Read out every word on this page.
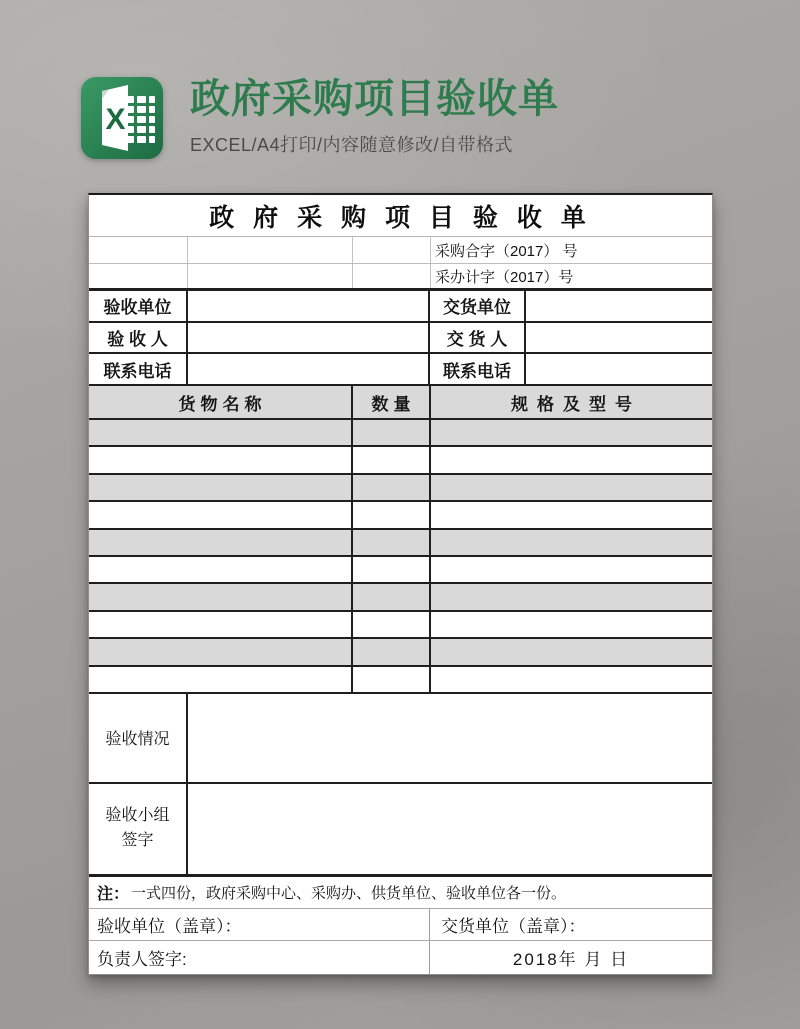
X 政府采购项目验收单
EXCEL/A4打印/内容随意修改/自带格式
政 府 采 购 项 目 验 收 单
采购合字（2017） 号
采办计字（2017）号
验收单位	交货单位
验 收 人	交 货 人
联系电话	联系电话
货物名称	数量	规格及型号
验收情况
验收小组
签字
注： 一式四份，政府采购中心、采购办、供货单位、验收单位各一份。
验收单位（盖章）：	交货单位（盖章）：
负责人签字:	2018年 月 日
